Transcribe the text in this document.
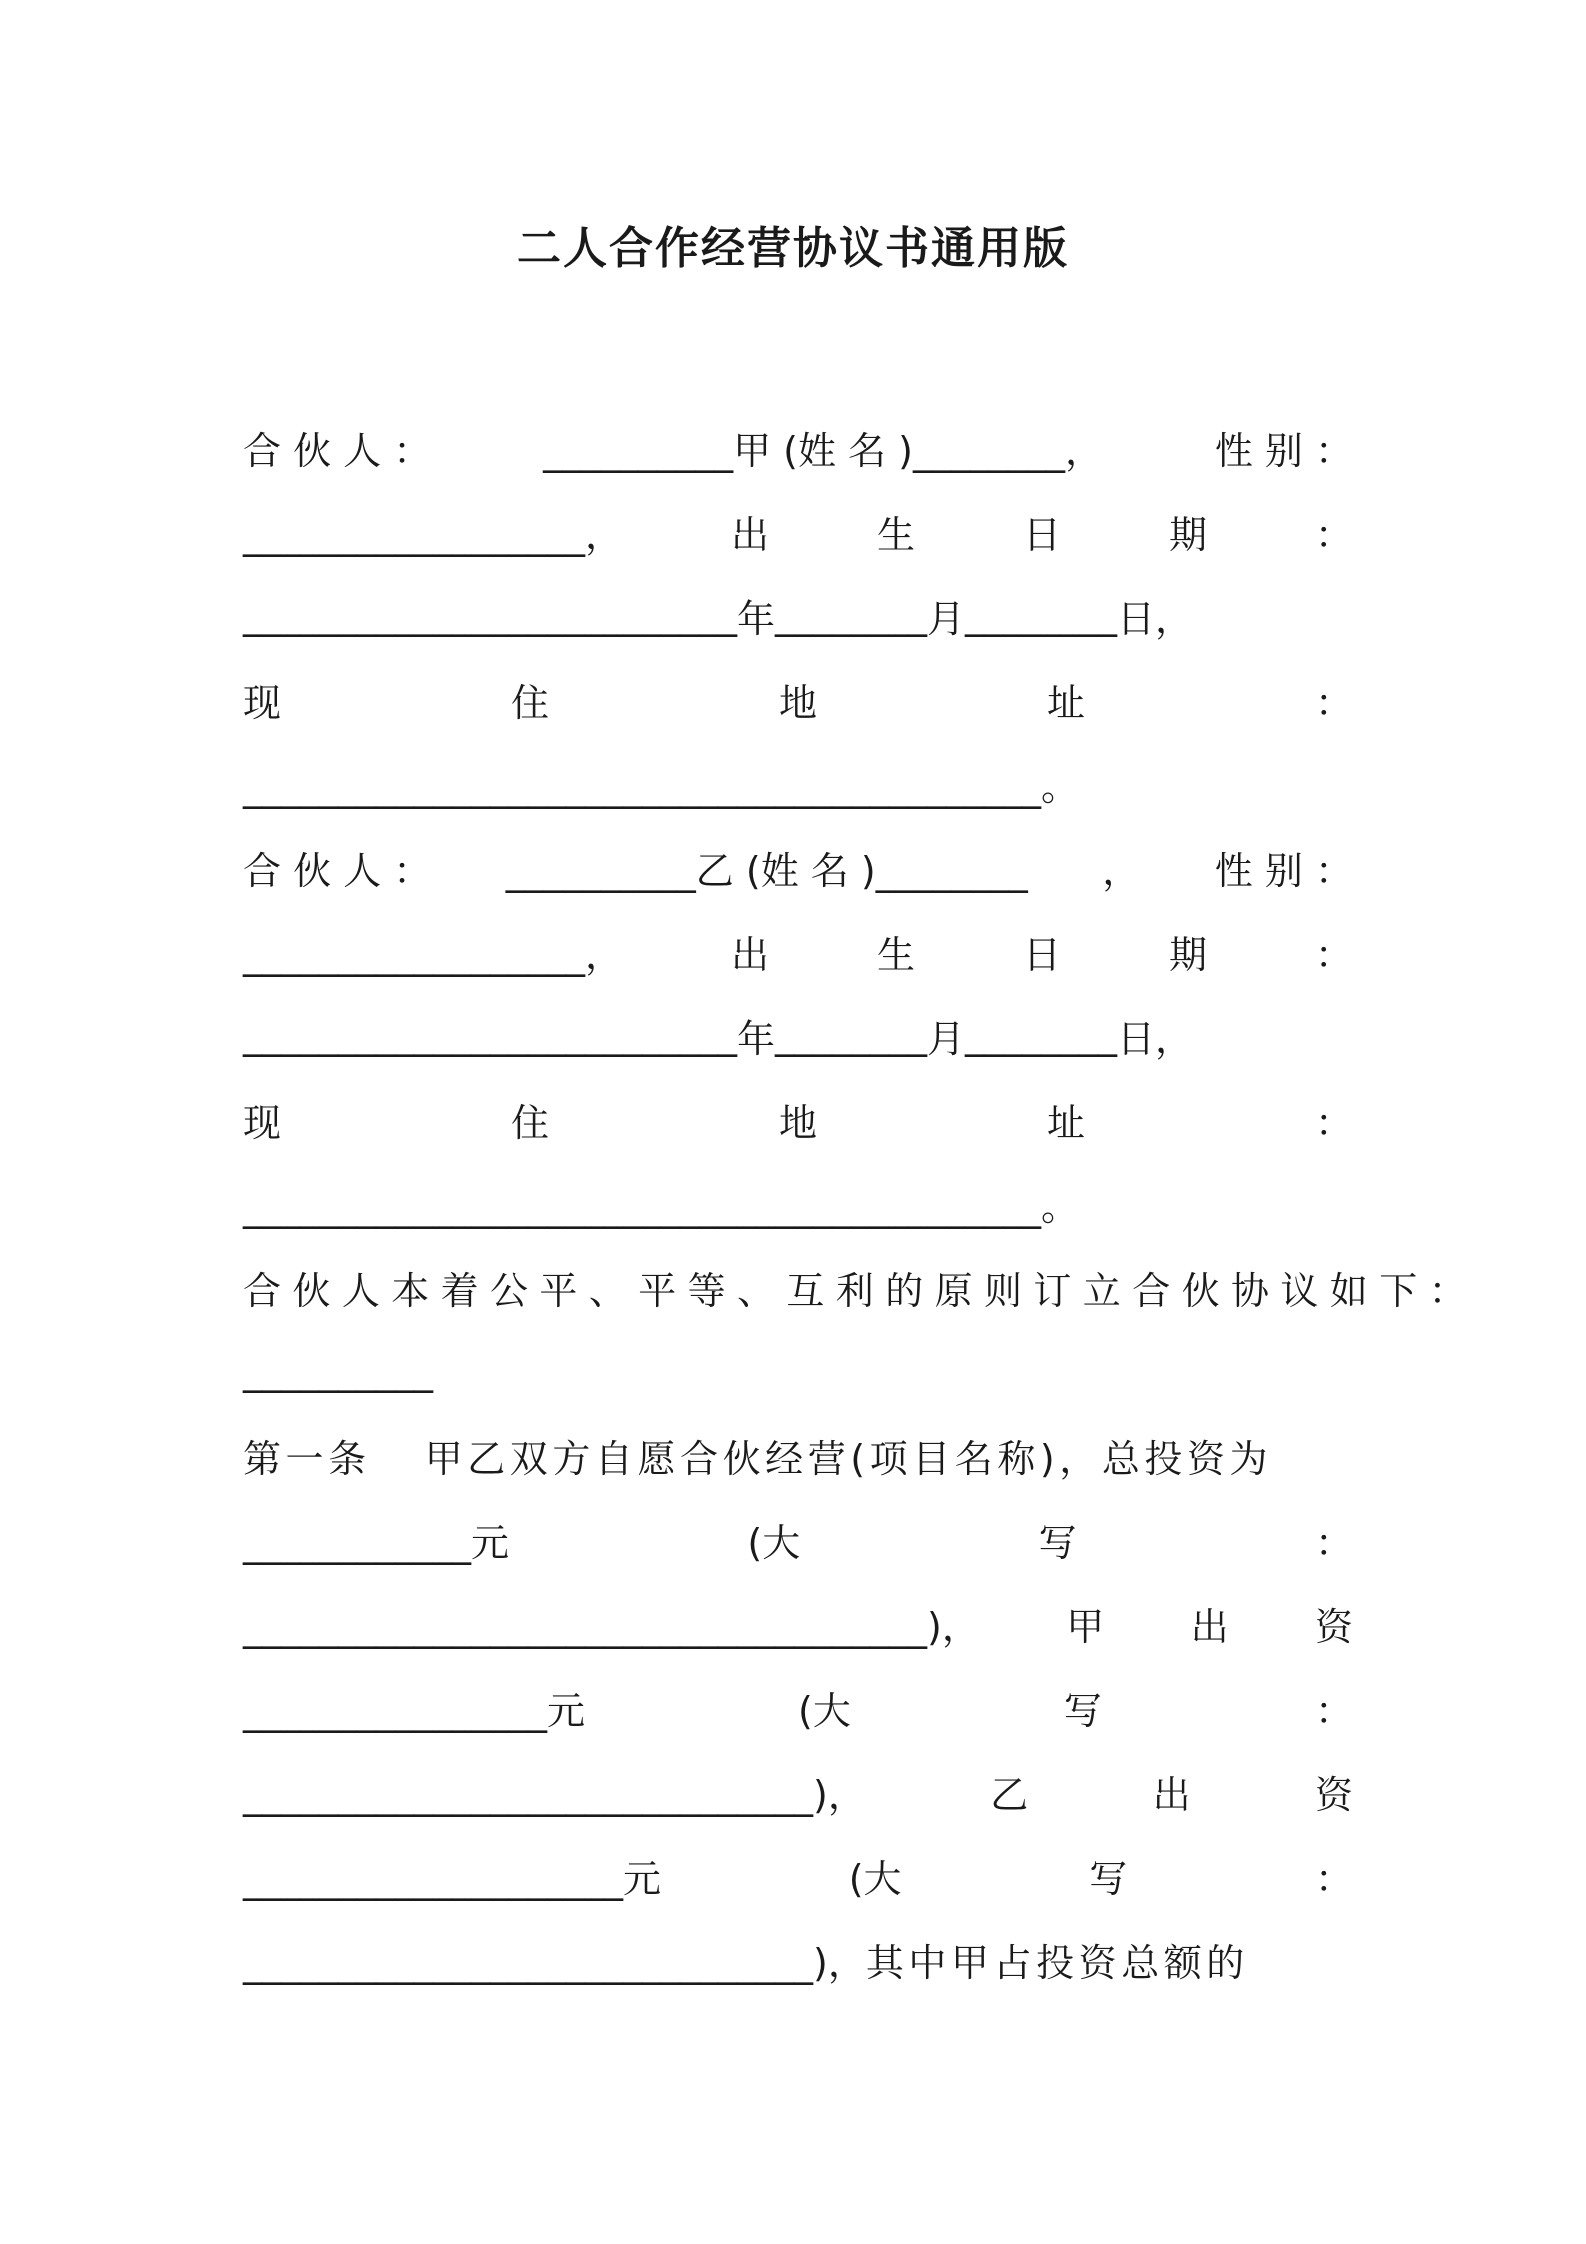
二人合作经营协议书通用版
合 伙 人 ：	__________甲 (姓 名 )________，	性 别 ：
__________________，	出	生	日	期	：
__________________________ 年 ________ 月 ________ 日，
现	住	地	址	：
__________________________________________。
合 伙 人 ： __________乙 (姓 名 )________ ， 性 别 ：
__________________，	出	生	日	期	：
__________________________ 年 ________ 月 ________ 日，
现	住	地	址	：
__________________________________________。
合伙人本着公平、平等、互利的原则订立合伙协议如下：
__________
第一条 甲乙双方自愿合伙经营(项目名称)，总投资为
____________元	(大	写	：
____________________________________)， 甲 出 资
________________元	(大	写	：
______________________________)，	乙	出	资
____________________元	(大	写	：
______________________________)， 其中甲占投资总额的
